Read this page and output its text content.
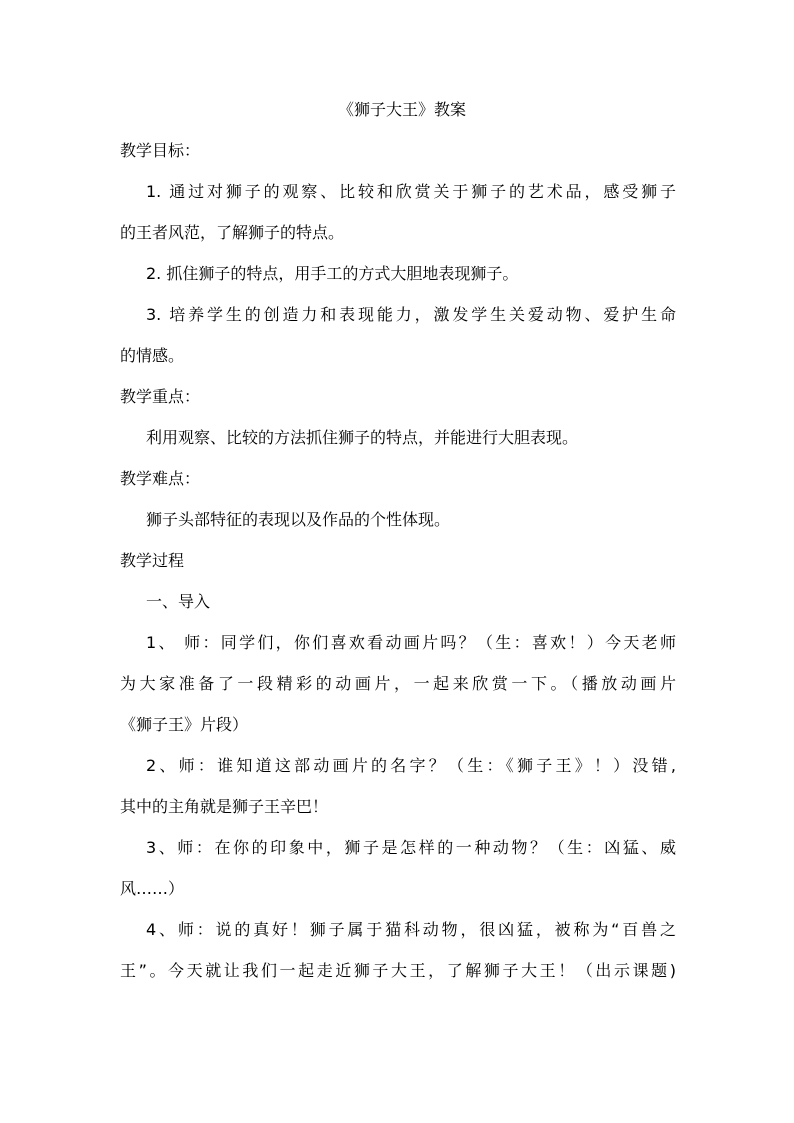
《狮子大王》教案
教学目标：
1. 通过对狮子的观察、比较和欣赏关于狮子的艺术品，感受狮子
的王者风范，了解狮子的特点。
2. 抓住狮子的特点，用手工的方式大胆地表现狮子。
3. 培养学生的创造力和表现能力，激发学生关爱动物、爱护生命
的情感。
教学重点：
利用观察、比较的方法抓住狮子的特点，并能进行大胆表现。
教学难点：
狮子头部特征的表现以及作品的个性体现。
教学过程
一、导入
1、 师：同学们，你们喜欢看动画片吗？（生：喜欢！）今天老师
为大家准备了一段精彩的动画片，一起来欣赏一下。（播放动画片
《狮子王》片段）
2、师：谁知道这部动画片的名字？（生：《狮子王》！）没错,
其中的主角就是狮子王辛巴！
3、师：在你的印象中，狮子是怎样的一种动物？（生：凶猛、威
风……）
4、师：说的真好！狮子属于猫科动物，很凶猛，被称为“百兽之
王”。今天就让我们一起走近狮子大王，了解狮子大王！（出示课题)
